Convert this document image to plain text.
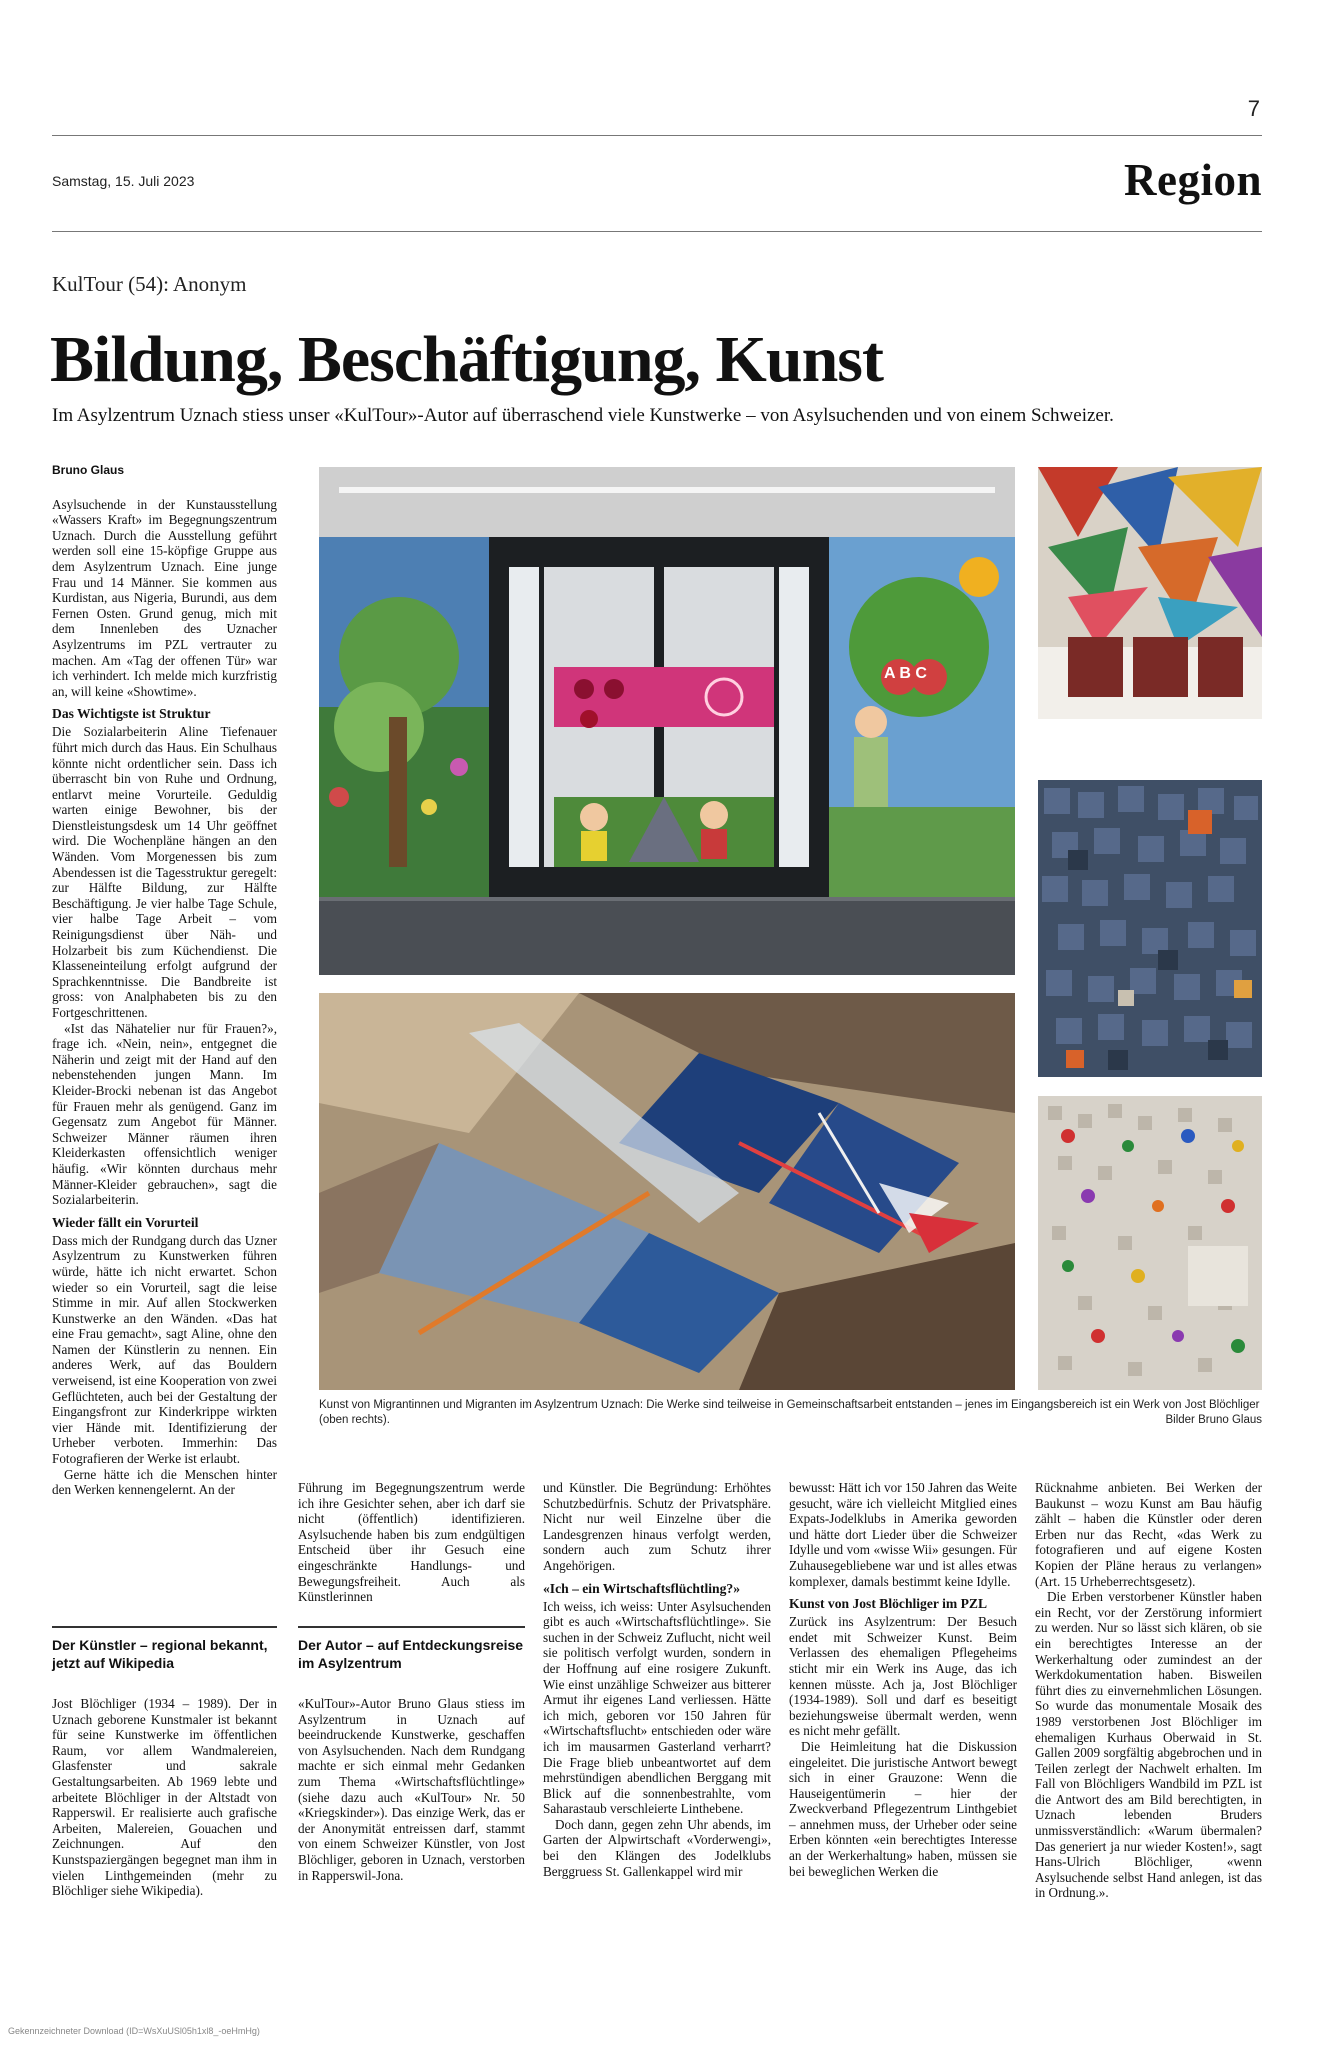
7
Samstag, 15. Juli 2023	Region
KulTour (54): Anonym
Bildung, Beschäftigung, Kunst
Im Asylzentrum Uznach stiess unser «KulTour»-Autor auf überraschend viele Kunstwerke – von Asylsuchenden und von einem Schweizer.
Bruno Glaus

Asylsuchende in der Kunstausstellung «Wassers Kraft» im Begegnungszentrum Uznach. Durch die Ausstellung geführt werden soll eine 15-köpfige Gruppe aus dem Asylzentrum Uznach. Eine junge Frau und 14 Männer. Sie kommen aus Kurdistan, aus Nigeria, Burundi, aus dem Fernen Osten. Grund genug, mich mit dem Innenleben des Uznacher Asylzentrums im PZL vertrauter zu machen. Am «Tag der offenen Tür» war ich verhindert. Ich melde mich kurzfristig an, will keine «Showtime».

Das Wichtigste ist Struktur

Die Sozialarbeiterin Aline Tiefenauer führt mich durch das Haus. Ein Schulhaus könnte nicht ordentlicher sein. Dass ich überrascht bin von Ruhe und Ordnung, entlarvt meine Vorurteile. Geduldig warten einige Bewohner, bis der Dienstleistungsdesk um 14 Uhr geöffnet wird. Die Wochenpläne hängen an den Wänden. Vom Morgenessen bis zum Abendessen ist die Tagesstruktur geregelt: zur Hälfte Bildung, zur Hälfte Beschäftigung. Je vier halbe Tage Schule, vier halbe Tage Arbeit – vom Reinigungsdienst über Näh- und Holzarbeit bis zum Küchendienst. Die Klasseneinteilung erfolgt aufgrund der Sprachkenntnisse. Die Bandbreite ist gross: von Analphabeten bis zu den Fortgeschrittenen.

«Ist das Nähatelier nur für Frauen?», frage ich. «Nein, nein», entgegnet die Näherin und zeigt mit der Hand auf den nebenstehenden jungen Mann. Im Kleider-Brocki nebenan ist das Angebot für Frauen mehr als genügend. Ganz im Gegensatz zum Angebot für Männer. Schweizer Männer räumen ihren Kleiderkasten offensichtlich weniger häufig. «Wir könnten durchaus mehr Männer-Kleider gebrauchen», sagt die Sozialarbeiterin.

Wieder fällt ein Vorurteil

Dass mich der Rundgang durch das Uzner Asylzentrum zu Kunstwerken führen würde, hätte ich nicht erwartet. Schon wieder so ein Vorurteil, sagt die leise Stimme in mir. Auf allen Stockwerken Kunstwerke an den Wänden. «Das hat eine Frau gemacht», sagt Aline, ohne den Namen der Künstlerin zu nennen. Ein anderes Werk, auf das Bouldern verweisend, ist eine Kooperation von zwei Geflüchteten, auch bei der Gestaltung der Eingangsfront zur Kinderkrippe wirkten vier Hände mit. Identifizierung der Urheber verboten. Immerhin: Das Fotografieren der Werke ist erlaubt.

Gerne hätte ich die Menschen hinter den Werken kennengelernt. An der

A B C
Kunst von Migrantinnen und Migranten im Asylzentrum Uznach: Die Werke sind teilweise in Gemeinschaftsarbeit entstanden – jenes im Eingangsbereich ist ein Werk von Jost Blöchliger (oben rechts).	Bilder Bruno Glaus

Führung im Begegnungszentrum werde ich ihre Gesichter sehen, aber ich darf sie nicht (öffentlich) identifizieren. Asylsuchende haben bis zum endgültigen Entscheid über ihr Gesuch eine eingeschränkte Handlungs- und Bewegungsfreiheit. Auch als Künstlerinnen

und Künstler. Die Begründung: Erhöhtes Schutzbedürfnis. Schutz der Privatsphäre. Nicht nur weil Einzelne über die Landesgrenzen hinaus verfolgt werden, sondern auch zum Schutz ihrer Angehörigen.

«Ich – ein Wirtschaftsflüchtling?»

Ich weiss, ich weiss: Unter Asylsuchenden gibt es auch «Wirtschaftsflüchtlinge». Sie suchen in der Schweiz Zuflucht, nicht weil sie politisch verfolgt wurden, sondern in der Hoffnung auf eine rosigere Zukunft. Wie einst unzählige Schweizer aus bitterer Armut ihr eigenes Land verliessen. Hätte ich mich, geboren vor 150 Jahren für «Wirtschaftsflucht» entschieden oder wäre ich im mausarmen Gasterland verharrt? Die Frage blieb unbeantwortet auf dem mehrstündigen abendlichen Berggang mit Blick auf die sonnenbestrahlte, vom Saharastaub verschleierte Linthebene.

Doch dann, gegen zehn Uhr abends, im Garten der Alpwirtschaft «Vorderwengi», bei den Klängen des Jodelklubs Berggruess St. Gallenkappel wird mir

bewusst: Hätt ich vor 150 Jahren das Weite gesucht, wäre ich vielleicht Mitglied eines Expats-Jodelklubs in Amerika geworden und hätte dort Lieder über die Schweizer Idylle und vom «wisse Wii» gesungen. Für Zuhausegebliebene war und ist alles etwas komplexer, damals bestimmt keine Idylle.

Kunst von Jost Blöchliger im PZL

Zurück ins Asylzentrum: Der Besuch endet mit Schweizer Kunst. Beim Verlassen des ehemaligen Pflegeheims sticht mir ein Werk ins Auge, das ich kennen müsste. Ach ja, Jost Blöchliger (1934-1989). Soll und darf es beseitigt beziehungsweise übermalt werden, wenn es nicht mehr gefällt.

Die Heimleitung hat die Diskussion eingeleitet. Die juristische Antwort bewegt sich in einer Grauzone: Wenn die Hauseigentümerin – hier der Zweckverband Pflegezentrum Linthgebiet – annehmen muss, der Urheber oder seine Erben könnten «ein berechtigtes Interesse an der Werkerhaltung» haben, müssen sie bei beweglichen Werken die

Rücknahme anbieten. Bei Werken der Baukunst – wozu Kunst am Bau häufig zählt – haben die Künstler oder deren Erben nur das Recht, «das Werk zu fotografieren und auf eigene Kosten Kopien der Pläne heraus zu verlangen» (Art. 15 Urheberrechtsgesetz).

Die Erben verstorbener Künstler haben ein Recht, vor der Zerstörung informiert zu werden. Nur so lässt sich klären, ob sie ein berechtigtes Interesse an der Werkerhaltung oder zumindest an der Werkdokumentation haben. Bisweilen führt dies zu einvernehmlichen Lösungen. So wurde das monumentale Mosaik des 1989 verstorbenen Jost Blöchliger im ehemaligen Kurhaus Oberwaid in St. Gallen 2009 sorgfältig abgebrochen und in Teilen zerlegt der Nachwelt erhalten. Im Fall von Blöchligers Wandbild im PZL ist die Antwort des am Bild berechtigten, in Uznach lebenden Bruders unmissverständlich: «Warum übermalen? Das generiert ja nur wieder Kosten!», sagt Hans-Ulrich Blöchliger, «wenn Asylsuchende selbst Hand anlegen, ist das in Ordnung.».

Der Künstler – regional bekannt, jetzt auf Wikipedia

Jost Blöchliger (1934 – 1989). Der in Uznach geborene Kunstmaler ist bekannt für seine Kunstwerke im öffentlichen Raum, vor allem Wandmalereien, Glasfenster und sakrale Gestaltungsarbeiten. Ab 1969 lebte und arbeitete Blöchliger in der Altstadt von Rapperswil. Er realisierte auch grafische Arbeiten, Malereien, Gouachen und Zeichnungen. Auf den Kunstspaziergängen begegnet man ihm in vielen Linthgemeinden (mehr zu Blöchliger siehe Wikipedia).

Der Autor – auf Entdeckungsreise im Asylzentrum

«KulTour»-Autor Bruno Glaus stiess im Asylzentrum in Uznach auf beeindruckende Kunstwerke, geschaffen von Asylsuchenden. Nach dem Rundgang machte er sich einmal mehr Gedanken zum Thema «Wirtschaftsflüchtlinge» (siehe dazu auch «KulTour» Nr. 50 «Kriegskinder»). Das einzige Werk, das er der Anonymität entreissen darf, stammt von einem Schweizer Künstler, von Jost Blöchliger, geboren in Uznach, verstorben in Rapperswil-Jona.

Gekennzeichneter Download (ID=WsXuUSl05h1xl8_-oeHmHg)
